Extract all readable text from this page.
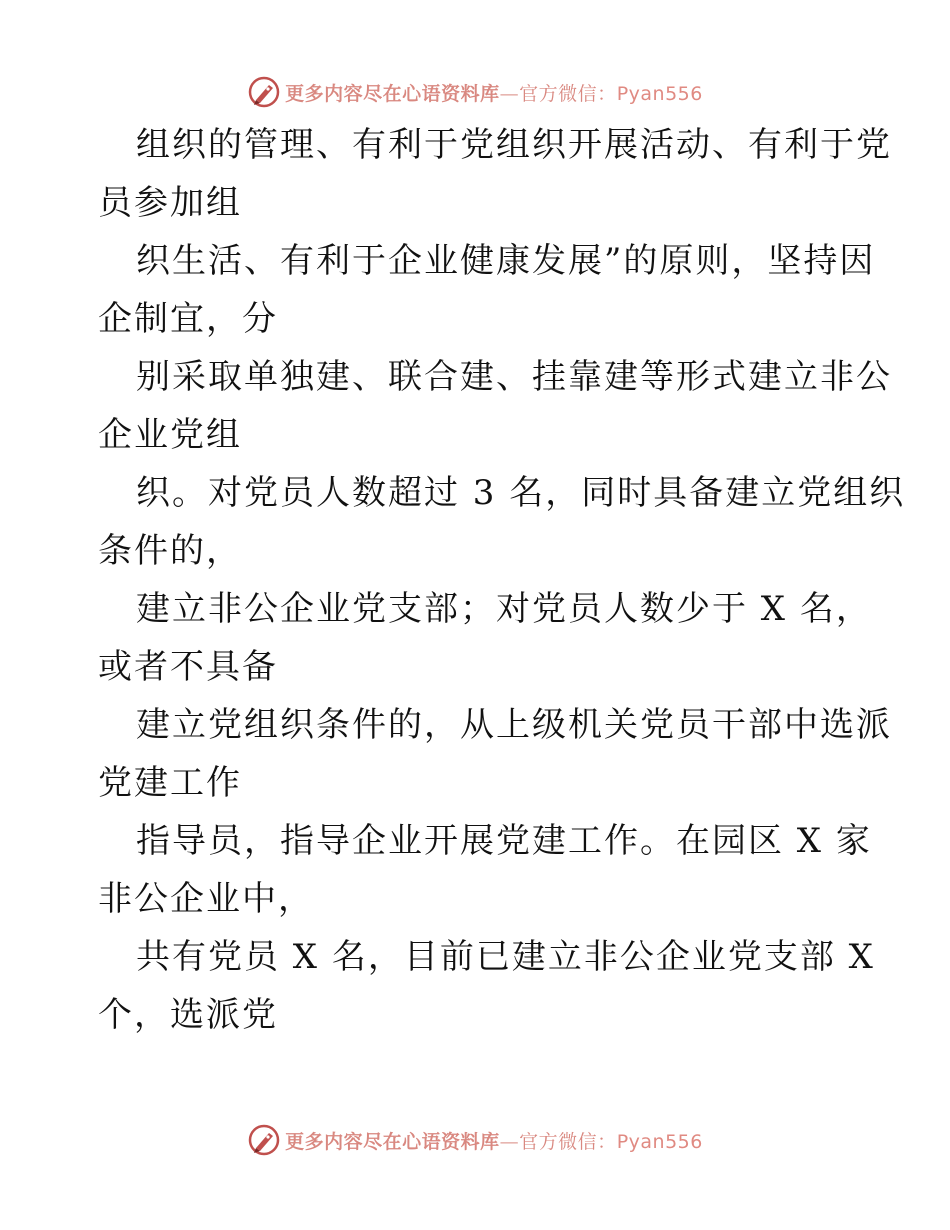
更多内容尽在心语资料库—官方微信：Pyan556
组织的管理、有利于党组织开展活动、有利于党
员参加组
织生活、有利于企业健康发展”的原则，坚持因
企制宜，分
别采取单独建、联合建、挂靠建等形式建立非公
企业党组
织。对党员人数超过 3 名，同时具备建立党组织
条件的，
建立非公企业党支部；对党员人数少于 X 名，
或者不具备
建立党组织条件的，从上级机关党员干部中选派
党建工作
指导员，指导企业开展党建工作。在园区 X 家
非公企业中，
共有党员 X 名，目前已建立非公企业党支部 X
个，选派党
更多内容尽在心语资料库—官方微信：Pyan556
